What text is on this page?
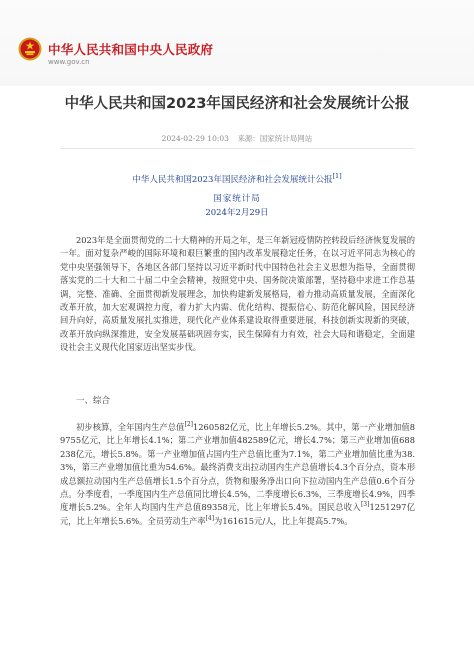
中华人民共和国中央人民政府
www.gov.cn
中华人民共和国2023年国民经济和社会发展统计公报
2024-02-29 10:03 来源：国家统计局网站
中华人民共和国2023年国民经济和社会发展统计公报[1]
国家统计局
2024年2月29日
2023年是全面贯彻党的二十大精神的开局之年，是三年新冠疫情防控转段后经济恢复发展的一年。面对复杂严峻的国际环境和艰巨繁重的国内改革发展稳定任务，在以习近平同志为核心的党中央坚强领导下，各地区各部门坚持以习近平新时代中国特色社会主义思想为指导，全面贯彻落实党的二十大和二十届二中全会精神，按照党中央、国务院决策部署，坚持稳中求进工作总基调，完整、准确、全面贯彻新发展理念，加快构建新发展格局，着力推动高质量发展，全面深化改革开放，加大宏观调控力度，着力扩大内需、优化结构、提振信心、防范化解风险，国民经济回升向好，高质量发展扎实推进，现代化产业体系建设取得重要进展，科技创新实现新的突破，改革开放向纵深推进，安全发展基础巩固夯实，民生保障有力有效，社会大局和谐稳定，全面建设社会主义现代化国家迈出坚实步伐。
一、综合
初步核算，全年国内生产总值[2]1260582亿元，比上年增长5.2%。其中，第一产业增加值89755亿元，比上年增长4.1%；第二产业增加值482589亿元，增长4.7%；第三产业增加值688238亿元，增长5.8%。第一产业增加值占国内生产总值比重为7.1%，第二产业增加值比重为38.3%，第三产业增加值比重为54.6%。最终消费支出拉动国内生产总值增长4.3个百分点，资本形成总额拉动国内生产总值增长1.5个百分点，货物和服务净出口向下拉动国内生产总值0.6个百分点。分季度看，一季度国内生产总值同比增长4.5%，二季度增长6.3%，三季度增长4.9%，四季度增长5.2%。全年人均国内生产总值89358元，比上年增长5.4%。国民总收入[3]1251297亿元，比上年增长5.6%。全员劳动生产率[4]为161615元/人，比上年提高5.7%。
